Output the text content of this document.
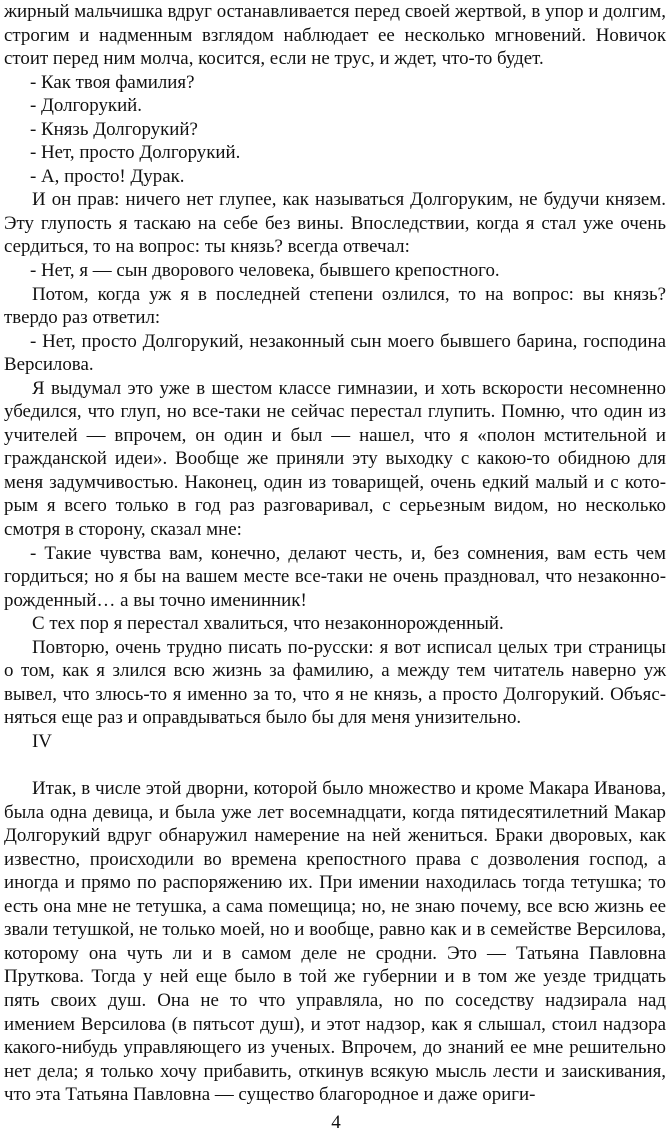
жирный мальчишка вдруг останавливается перед своей жертвой, в упор и долгим, строгим и надменным взглядом наблюдает ее несколько мгновений. Новичок стоит перед ним молча, косится, если не трус, и ждет, что-то будет.

- Как твоя фамилия?

- Долгорукий.

- Князь Долгорукий?

- Нет, просто Долгорукий.

- А, просто! Дурак.

И он прав: ничего нет глупее, как называться Долгоруким, не будучи князем. Эту глупость я таскаю на себе без вины. Впоследствии, когда я стал уже очень сердиться, то на вопрос: ты князь? всегда отвечал:

- Нет, я — сын дворового человека, бывшего крепостного.

Потом, когда уж я в последней степени озлился, то на вопрос: вы князь? твердо раз ответил:

- Нет, просто Долгорукий, незаконный сын моего бывшего барина, господина Версилова.

Я выдумал это уже в шестом классе гимназии, и хоть вскорости несомненно убедился, что глуп, но все-таки не сейчас перестал глупить. Помню, что один из учителей — впрочем, он один и был — нашел, что я «полон мстительной и гражданской идеи». Вообще же приняли эту выходку с какою-то обидною для меня задумчивостью. Наконец, один из товарищей, очень едкий малый и с которым я всего только в год раз разговаривал, с серьезным видом, но несколько смотря в сторону, сказал мне:

- Такие чувства вам, конечно, делают честь, и, без сомнения, вам есть чем гордиться; но я бы на вашем месте все-таки не очень праздновал, что незаконнорожденный… а вы точно именинник!

С тех пор я перестал хвалиться, что незаконнорожденный.

Повторю, очень трудно писать по-русски: я вот исписал целых три страницы о том, как я злился всю жизнь за фамилию, а между тем читатель наверно уж вывел, что злюсь-то я именно за то, что я не князь, а просто Долгорукий. Объясняться еще раз и оправдываться было бы для меня унизительно.

IV

Итак, в числе этой дворни, которой было множество и кроме Макара Иванова, была одна девица, и была уже лет восемнадцати, когда пятидесятилетний Макар Долгорукий вдруг обнаружил намерение на ней жениться. Браки дворовых, как известно, происходили во времена крепостного права с дозволения господ, а иногда и прямо по распоряжению их. При имении находилась тогда тетушка; то есть она мне не тетушка, а сама помещица; но, не знаю почему, все всю жизнь ее звали тетушкой, не только моей, но и вообще, равно как и в семействе Версилова, которому она чуть ли и в самом деле не сродни. Это — Татьяна Павловна Пруткова. Тогда у ней еще было в той же губернии и в том же уезде тридцать пять своих душ. Она не то что управляла, но по соседству надзирала над имением Версилова (в пятьсот душ), и этот надзор, как я слышал, стоил надзора какого-нибудь управляющего из ученых. Впрочем, до знаний ее мне решительно нет дела; я только хочу прибавить, откинув всякую мысль лести и заискивания, что эта Татьяна Павловна — существо благородное и даже ориги-

4
